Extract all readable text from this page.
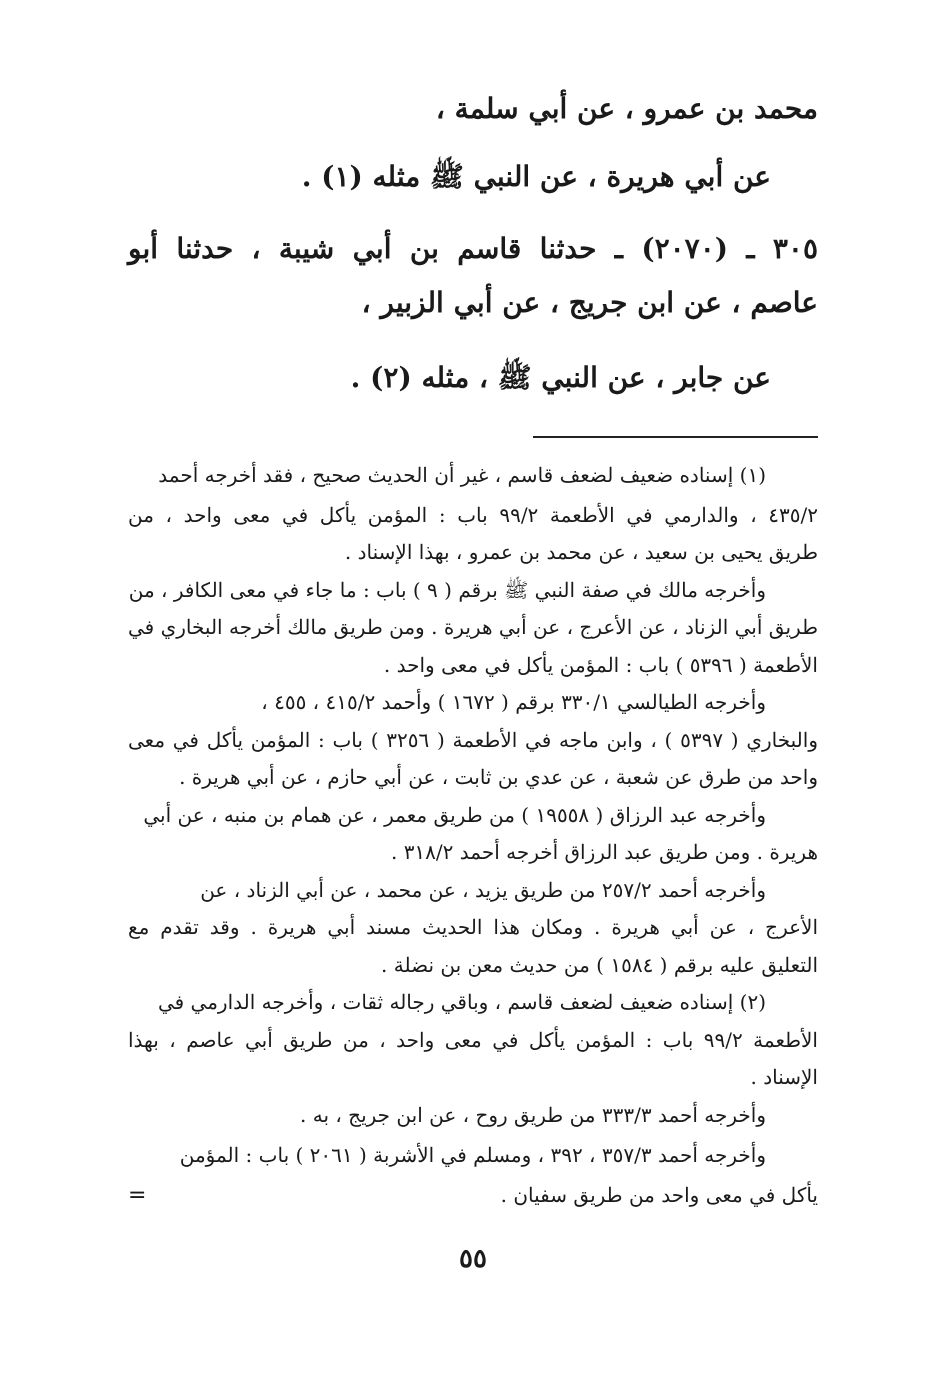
محمد بن عمرو ، عن أبي سلمة ،
عن أبي هريرة ، عن النبي ﷺ مثله (١) .
٣٠٥ ـ (٢٠٧٠) ـ حدثنا قاسم بن أبي شيبة ، حدثنا أبو
عاصم ، عن ابن جريج ، عن أبي الزبير ،
عن جابر ، عن النبي ﷺ ، مثله (٢) .
(١) إسناده ضعيف لضعف قاسم ، غير أن الحديث صحيح ، فقد أخرجه أحمد
٤٣٥/٢ ، والدارمي في الأطعمة ٩٩/٢ باب : المؤمن يأكل في معى واحد ، من
طريق يحيى بن سعيد ، عن محمد بن عمرو ، بهذا الإسناد .
وأخرجه مالك في صفة النبي ﷺ برقم ( ٩ ) باب : ما جاء في معى الكافر ، من
طريق أبي الزناد ، عن الأعرج ، عن أبي هريرة . ومن طريق مالك أخرجه البخاري في
الأطعمة ( ٥٣٩٦ ) باب : المؤمن يأكل في معى واحد .
وأخرجه الطيالسي ٣٣٠/١ برقم ( ١٦٧٢ ) وأحمد ٤١٥/٢ ، ٤٥٥ ،
والبخاري ( ٥٣٩٧ ) ، وابن ماجه في الأطعمة ( ٣٢٥٦ ) باب : المؤمن يأكل في معى
واحد من طرق عن شعبة ، عن عدي بن ثابت ، عن أبي حازم ، عن أبي هريرة .
وأخرجه عبد الرزاق ( ١٩٥٥٨ ) من طريق معمر ، عن همام بن منبه ، عن أبي
هريرة . ومن طريق عبد الرزاق أخرجه أحمد ٣١٨/٢ .
وأخرجه أحمد ٢٥٧/٢ من طريق يزيد ، عن محمد ، عن أبي الزناد ، عن
الأعرج ، عن أبي هريرة . ومكان هذا الحديث مسند أبي هريرة . وقد تقدم مع
التعليق عليه برقم ( ١٥٨٤ ) من حديث معن بن نضلة .
(٢) إسناده ضعيف لضعف قاسم ، وباقي رجاله ثقات ، وأخرجه الدارمي في
الأطعمة ٩٩/٢ باب : المؤمن يأكل في معى واحد ، من طريق أبي عاصم ، بهذا
الإسناد .
وأخرجه أحمد ٣٣٣/٣ من طريق روح ، عن ابن جريج ، به .
وأخرجه أحمد ٣٥٧/٣ ، ٣٩٢ ، ومسلم في الأشربة ( ٢٠٦١ ) باب : المؤمن
يأكل في معى واحد من طريق سفيان .
=
٥٥
